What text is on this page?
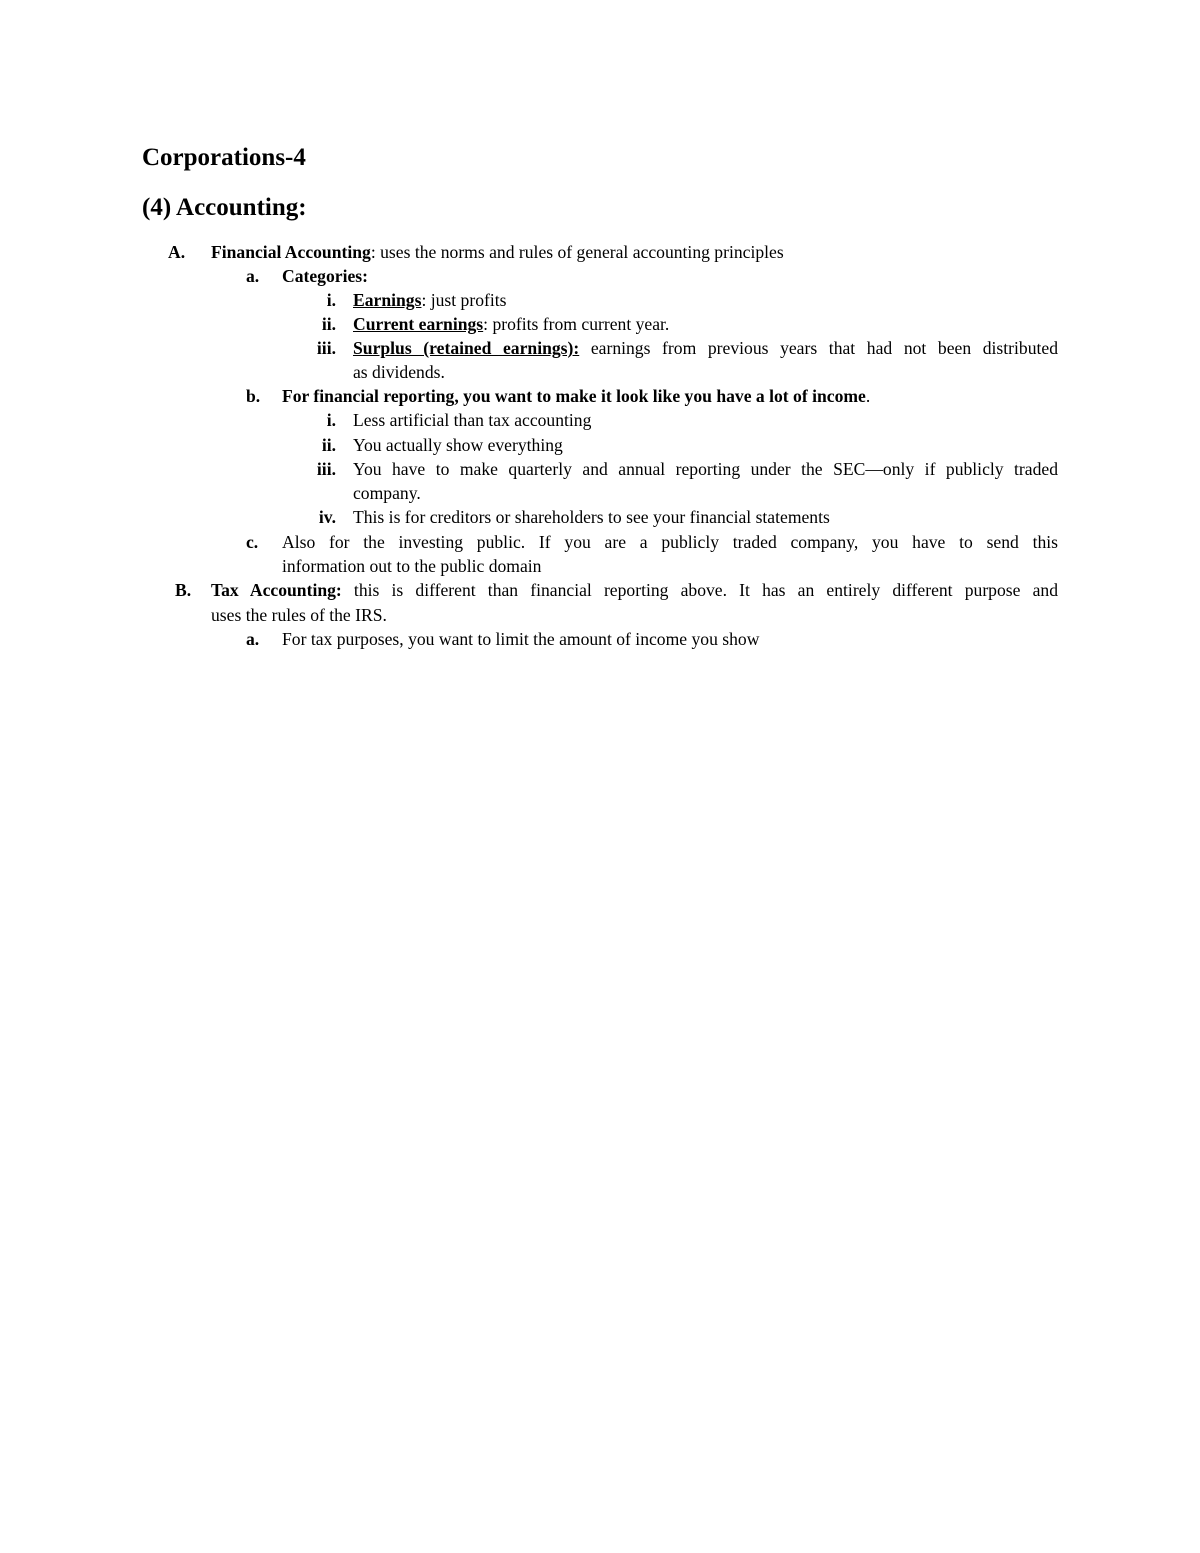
Corporations-4
(4) Accounting:
A.	Financial Accounting: uses the norms and rules of general accounting principles
a.	Categories:
i. Earnings: just profits
ii. Current earnings: profits from current year.
iii. Surplus (retained earnings): earnings from previous years that had not been distributed
as dividends.
b.	For financial reporting, you want to make it look like you have a lot of income.
i. Less artificial than tax accounting
ii. You actually show everything
iii. You have to make quarterly and annual reporting under the SEC—only if publicly traded
company.
iv. This is for creditors or shareholders to see your financial statements
c.	Also for the investing public. If you are a publicly traded company, you have to send this
information out to the public domain
B.	Tax Accounting: this is different than financial reporting above. It has an entirely different purpose and
uses the rules of the IRS.
a.	For tax purposes, you want to limit the amount of income you show
